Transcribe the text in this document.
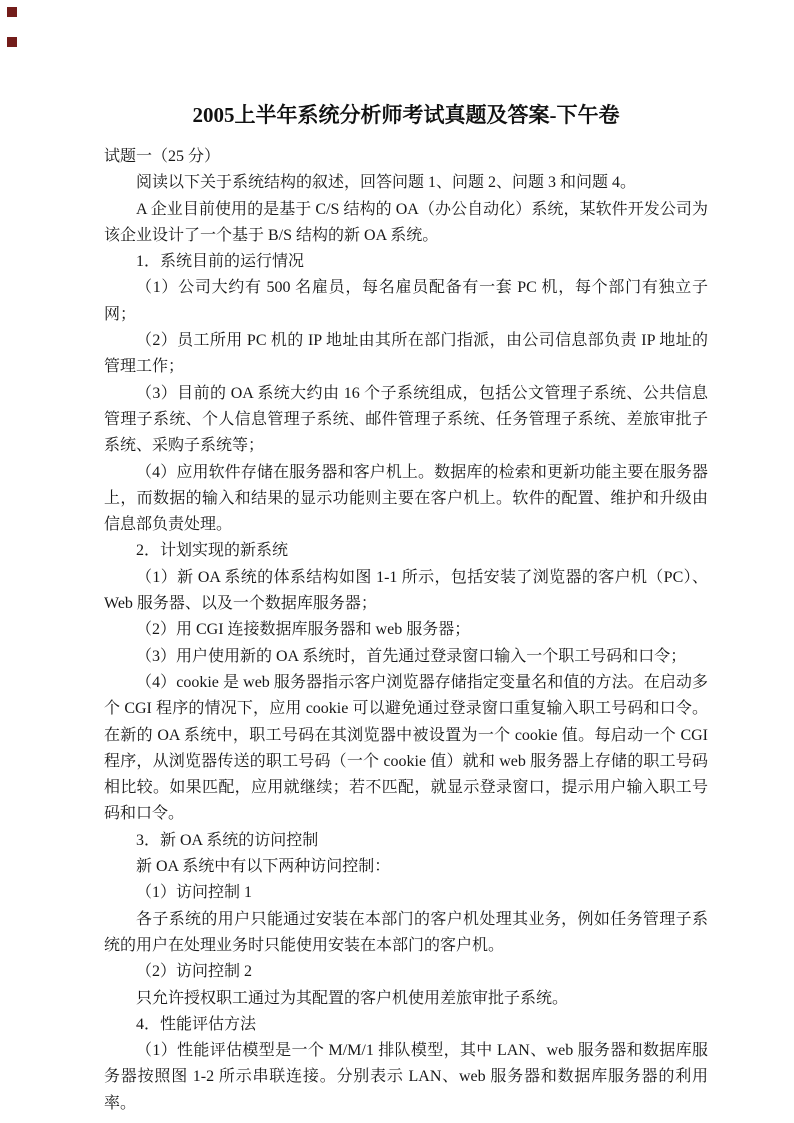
2005上半年系统分析师考试真题及答案-下午卷

试题一（25 分）

阅读以下关于系统结构的叙述，回答问题 1、问题 2、问题 3 和问题 4。

A 企业目前使用的是基于 C/S 结构的 OA（办公自动化）系统，某软件开发公司为该企业设计了一个基于 B/S 结构的新 OA 系统。

1．系统目前的运行情况

（1）公司大约有 500 名雇员，每名雇员配备有一套 PC 机，每个部门有独立子网；

（2）员工所用 PC 机的 IP 地址由其所在部门指派，由公司信息部负责 IP 地址的管理工作；

（3）目前的 OA 系统大约由 16 个子系统组成，包括公文管理子系统、公共信息管理子系统、个人信息管理子系统、邮件管理子系统、任务管理子系统、差旅审批子系统、采购子系统等；

（4）应用软件存储在服务器和客户机上。数据库的检索和更新功能主要在服务器上，而数据的输入和结果的显示功能则主要在客户机上。软件的配置、维护和升级由信息部负责处理。

2．计划实现的新系统

（1）新 OA 系统的体系结构如图 1-1 所示，包括安装了浏览器的客户机（PC）、Web 服务器、以及一个数据库服务器；

（2）用 CGI 连接数据库服务器和 web 服务器；

（3）用户使用新的 OA 系统时，首先通过登录窗口输入一个职工号码和口令；

（4）cookie 是 web 服务器指示客户浏览器存储指定变量名和值的方法。在启动多个 CGI 程序的情况下，应用 cookie 可以避免通过登录窗口重复输入职工号码和口令。在新的 OA 系统中，职工号码在其浏览器中被设置为一个 cookie 值。每启动一个 CGI 程序，从浏览器传送的职工号码（一个 cookie 值）就和 web 服务器上存储的职工号码相比较。如果匹配，应用就继续；若不匹配，就显示登录窗口，提示用户输入职工号码和口令。

3．新 OA 系统的访问控制

新 OA 系统中有以下两种访问控制：

（1）访问控制 1

各子系统的用户只能通过安装在本部门的客户机处理其业务，例如任务管理子系统的用户在处理业务时只能使用安装在本部门的客户机。

（2）访问控制 2

只允许授权职工通过为其配置的客户机使用差旅审批子系统。

4．性能评估方法

（1）性能评估模型是一个 M/M/1 排队模型，其中 LAN、web 服务器和数据库服务器按照图 1-2 所示串联连接。分别表示 LAN、web 服务器和数据库服务器的利用率。
